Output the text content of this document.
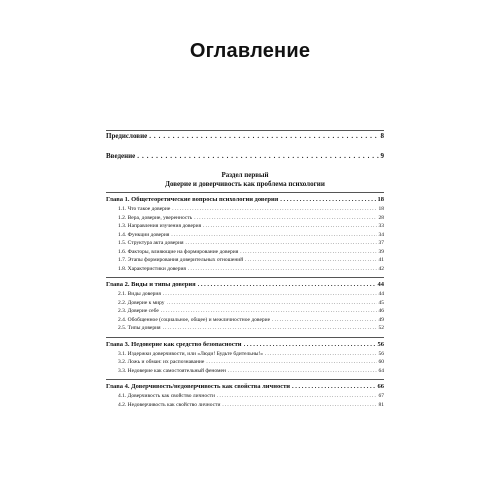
Оглавление
Предисловие . . .	8
Введение . . .	9
Раздел первый
Доверие и доверчивость как проблема психологии
Глава 1. Общетеоретические вопросы психологии доверия . . .	18
1.1. Что такое доверие . . .	18
1.2. Вера, доверие, уверенность . . .	28
1.3. Направления изучения доверия . . .	33
1.4. Функции доверия . . .	34
1.5. Структура акта доверия . . .	37
1.6. Факторы, влияющие на формирование доверия . . .	39
1.7. Этапы формирования доверительных отношений . . .	41
1.8. Характеристики доверия . . .	42
Глава 2. Виды и типы доверия . . .	44
2.1. Виды доверия . . .	44
2.2. Доверие к миру . . .	45
2.3. Доверие себе . . .	46
2.4. Обобщенное (социальное, общее) и межличностное доверие . . .	49
2.5. Типы доверия . . .	52
Глава 3. Недоверие как средство безопасности . . .	56
3.1. Издержки доверчивости, или «Люди! Будьте бдительны!» . . .	56
3.2. Ложь и обман: их распознавание . . .	60
3.3. Недоверие как самостоятельный феномен . . .	64
Глава 4. Доверчивость/недоверчивость как свойства личности . . .	66
4.1. Доверчивость как свойство личности . . .	67
4.2. Недоверчивость как свойство личности . . .	81
